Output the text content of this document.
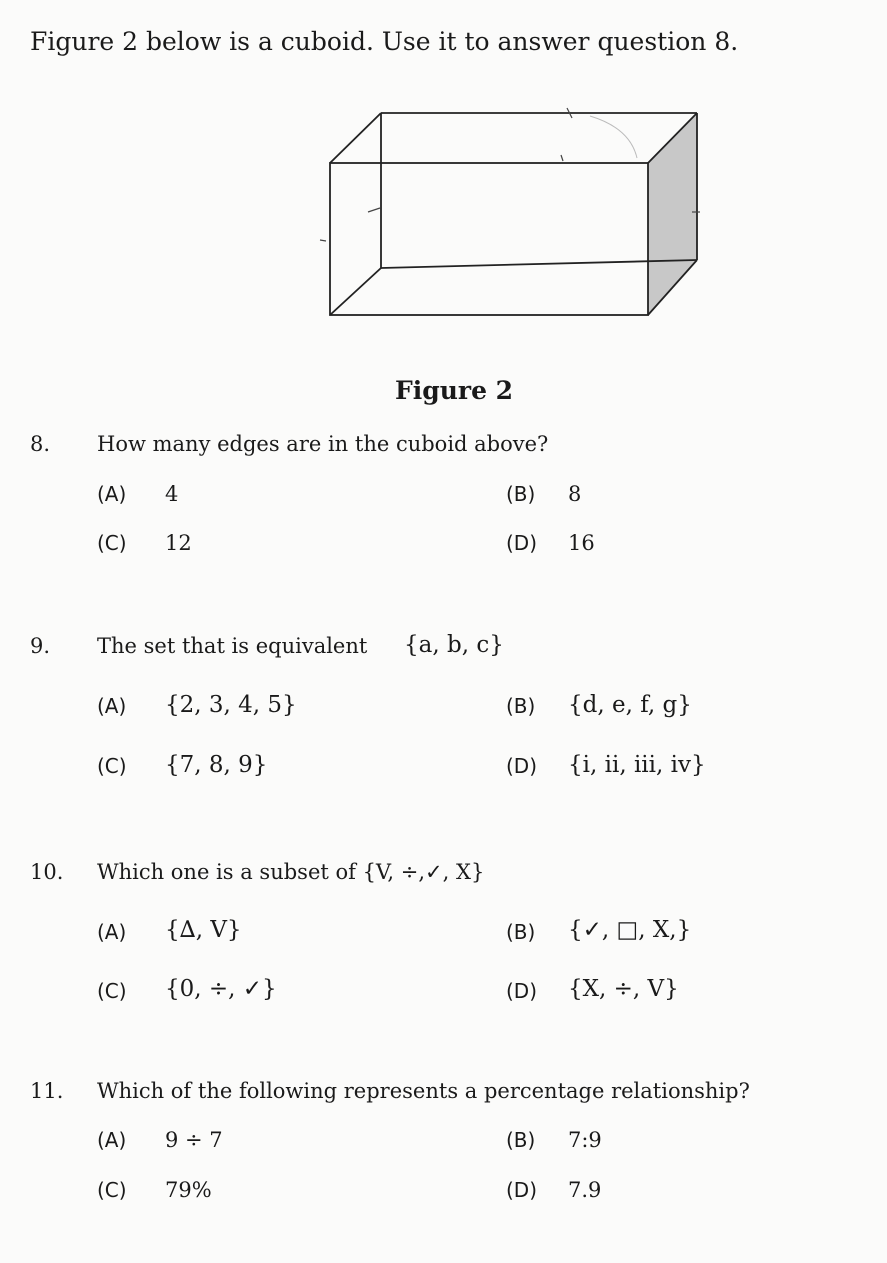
Figure 2 below is a cuboid. Use it to answer question 8.
Figure 2
8. How many edges are in the cuboid above?
(A) 4	(B) 8
(C) 12	(D) 16
9. The set that is equivalent {a, b, c}
(A) {2, 3, 4, 5}	(B) {d, e, f, g}
(C) {7, 8, 9}	(D) {i, ii, iii, iv}
10. Which one is a subset of {V, ÷,✓, X}
(A) {∆, V}	(B) {✓, □, X,}
(C) {0, ÷, ✓}	(D) {X, ÷, V}
11. Which of the following represents a percentage relationship?
(A) 9 ÷ 7	(B) 7:9
(C) 79%	(D) 7.9
